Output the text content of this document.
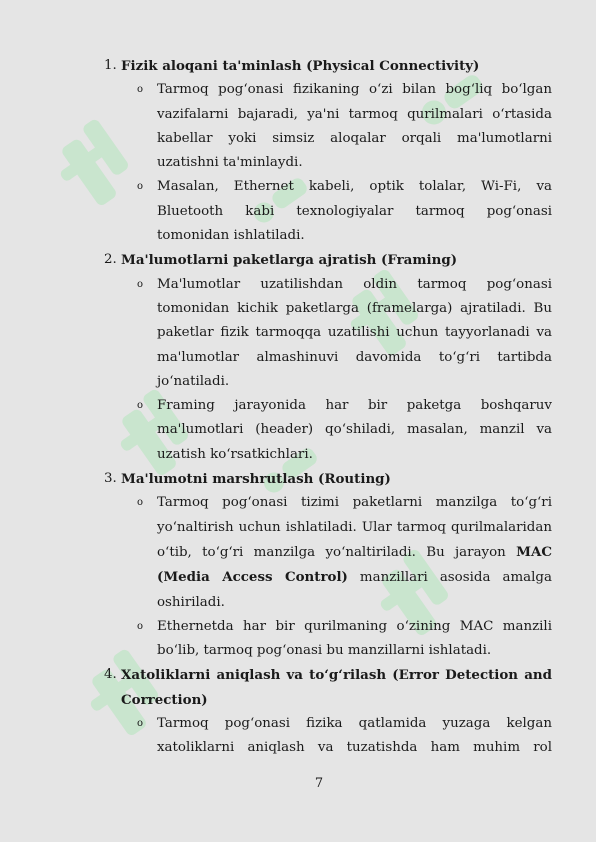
1. Fizik aloqani ta'minlash (Physical Connectivity)
o	Tarmoq pog‘onasi fizikaning o‘zi bilan bog‘liq bo‘lgan vazifalarni bajaradi, ya'ni tarmoq qurilmalari o‘rtasida kabellar yoki simsiz aloqalar orqali ma'lumotlarni uzatishni ta'minlaydi.
o	Masalan, Ethernet kabeli, optik tolalar, Wi-Fi, va Bluetooth kabi texnologiyalar tarmoq pog‘onasi tomonidan ishlatiladi.
2. Ma'lumotlarni paketlarga ajratish (Framing)
o	Ma'lumotlar uzatilishdan oldin tarmoq pog‘onasi tomonidan kichik paketlarga (framelarga) ajratiladi. Bu paketlar fizik tarmoqqa uzatilishi uchun tayyorlanadi va ma'lumotlar almashinuvi davomida to‘g‘ri tartibda jo‘natiladi.
o	Framing jarayonida har bir paketga boshqaruv ma'lumotlari (header) qo‘shiladi, masalan, manzil va uzatish ko‘rsatkichlari.
3. Ma'lumotni marshrutlash (Routing)
o	Tarmoq pog‘onasi tizimi paketlarni manzilga to‘g‘ri yo‘naltirish uchun ishlatiladi. Ular tarmoq qurilmalaridan o‘tib, to‘g‘ri manzilga yo‘naltiriladi. Bu jarayon MAC (Media Access Control) manzillari asosida amalga oshiriladi.
o	Ethernetda har bir qurilmaning o‘zining MAC manzili bo‘lib, tarmoq pog‘onasi bu manzillarni ishlatadi.
4. Xatoliklarni aniqlash va to‘g‘rilash (Error Detection and Correction)
o	Tarmoq pog‘onasi fizika qatlamida yuzaga kelgan xatoliklarni aniqlash va tuzatishda ham muhim rol
7
